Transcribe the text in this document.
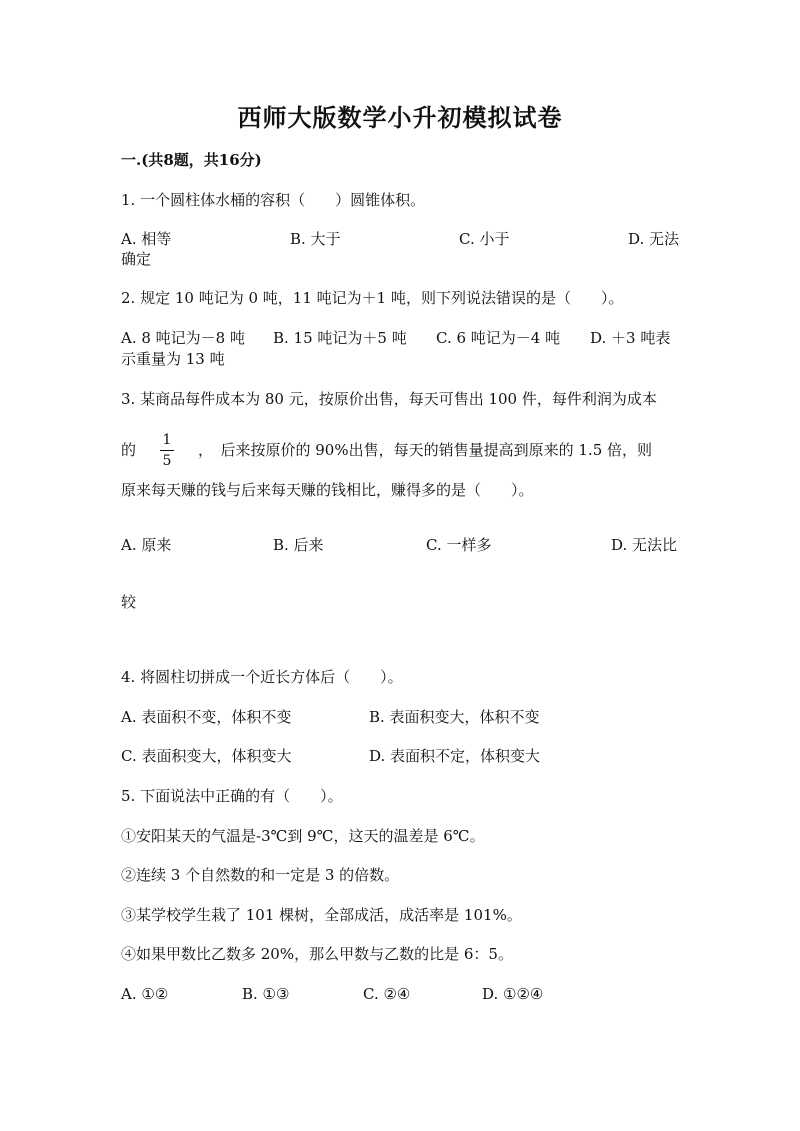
西师大版数学小升初模拟试卷
一.(共8题，共16分)
1. 一个圆柱体水桶的容积（　　）圆锥体积。
A. 相等	B. 大于	C. 小于	D. 无法
确定
2. 规定 10 吨记为 0 吨，11 吨记为＋1 吨，则下列说法错误的是（　　）。
A. 8 吨记为－8 吨 B. 15 吨记为＋5 吨 C. 6 吨记为－4 吨 D. ＋3 吨表
示重量为 13 吨
3. 某商品每件成本为 80 元，按原价出售，每天可售出 100 件，每件利润为成本
的
1
5
，　后来按原价的 90%出售，每天的销售量提高到原来的 1.5 倍，则
原来每天赚的钱与后来每天赚的钱相比，赚得多的是（　　）。
A. 原来	B. 后来	C. 一样多	D. 无法比
较
4. 将圆柱切拼成一个近长方体后（　　）。
A. 表面积不变，体积不变	B. 表面积变大，体积不变
C. 表面积变大，体积变大	D. 表面积不定，体积变大
5. 下面说法中正确的有（　　）。
①安阳某天的气温是-3℃到 9℃，这天的温差是 6℃。
②连续 3 个自然数的和一定是 3 的倍数。
③某学校学生栽了 101 棵树，全部成活，成活率是 101%。
④如果甲数比乙数多 20%，那么甲数与乙数的比是 6：5。
A. ①②	B. ①③	C. ②④	D. ①②④
